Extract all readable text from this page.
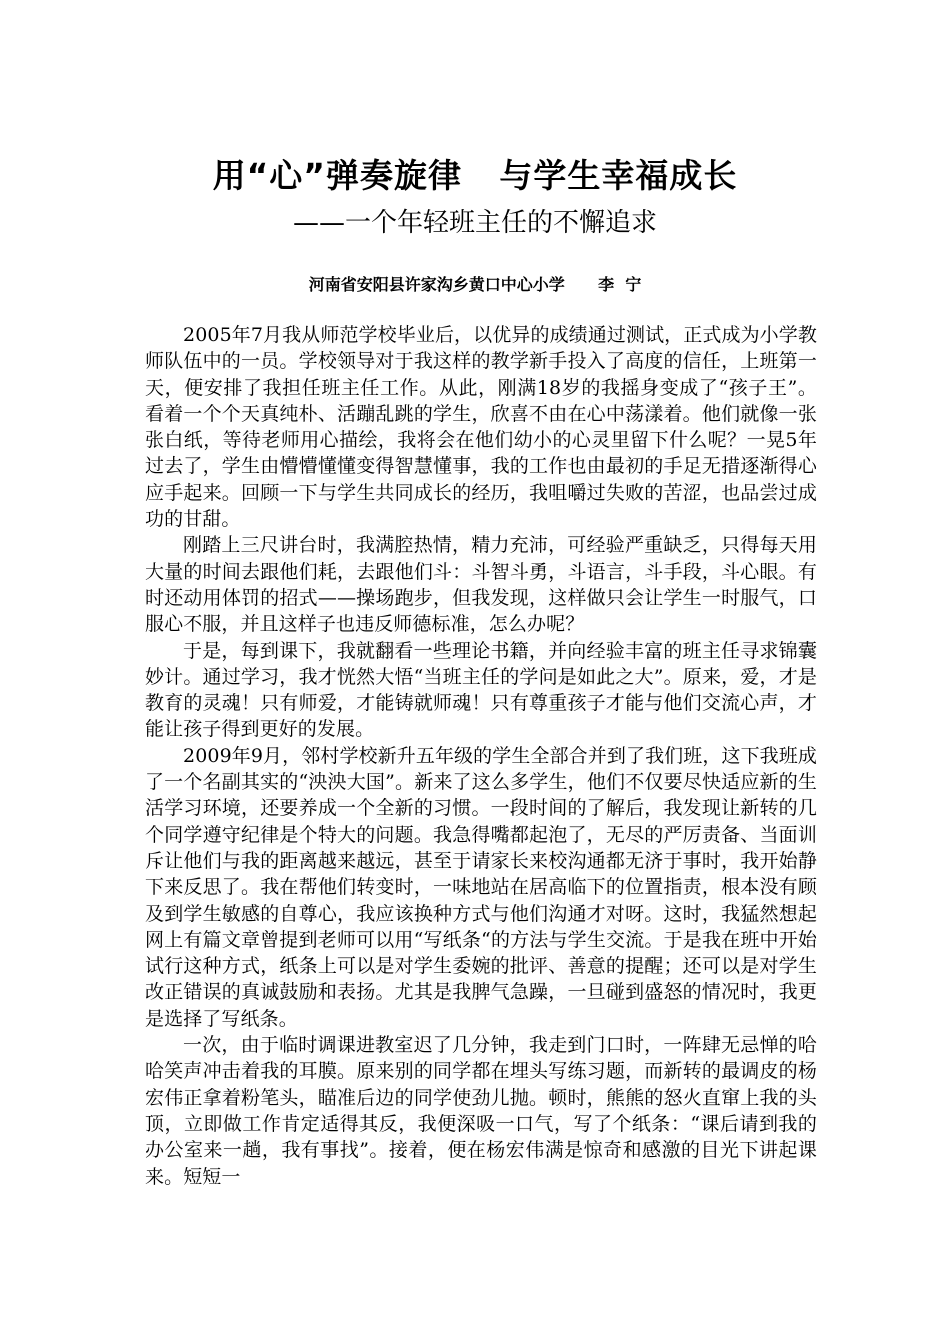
用“心”弹奏旋律   与学生幸福成长
——一个年轻班主任的不懈追求
河南省安阳县许家沟乡黄口中心小学      李  宁

2005年7月我从师范学校毕业后，以优异的成绩通过测试，正式成为小学教师队伍中的一员。学校领导对于我这样的教学新手投入了高度的信任，上班第一天，便安排了我担任班主任工作。从此，刚满18岁的我摇身变成了“孩子王”。看着一个个天真纯朴、活蹦乱跳的学生，欣喜不由在心中荡漾着。他们就像一张张白纸，等待老师用心描绘，我将会在他们幼小的心灵里留下什么呢？一晃5年过去了，学生由懵懵懂懂变得智慧懂事，我的工作也由最初的手足无措逐渐得心应手起来。回顾一下与学生共同成长的经历，我咀嚼过失败的苦涩，也品尝过成功的甘甜。

刚踏上三尺讲台时，我满腔热情，精力充沛，可经验严重缺乏，只得每天用大量的时间去跟他们耗，去跟他们斗：斗智斗勇，斗语言，斗手段，斗心眼。有时还动用体罚的招式——操场跑步，但我发现，这样做只会让学生一时服气，口服心不服，并且这样子也违反师德标准，怎么办呢？

于是，每到课下，我就翻看一些理论书籍，并向经验丰富的班主任寻求锦囊妙计。通过学习，我才恍然大悟“当班主任的学问是如此之大”。原来，爱，才是教育的灵魂！只有师爱，才能铸就师魂！只有尊重孩子才能与他们交流心声，才能让孩子得到更好的发展。

2009年9月，邻村学校新升五年级的学生全部合并到了我们班，这下我班成了一个名副其实的“泱泱大国”。新来了这么多学生，他们不仅要尽快适应新的生活学习环境，还要养成一个全新的习惯。一段时间的了解后，我发现让新转的几个同学遵守纪律是个特大的问题。我急得嘴都起泡了，无尽的严厉责备、当面训斥让他们与我的距离越来越远，甚至于请家长来校沟通都无济于事时，我开始静下来反思了。我在帮他们转变时，一味地站在居高临下的位置指责，根本没有顾及到学生敏感的自尊心，我应该换种方式与他们沟通才对呀。这时，我猛然想起网上有篇文章曾提到老师可以用“写纸条“的方法与学生交流。于是我在班中开始试行这种方式，纸条上可以是对学生委婉的批评、善意的提醒；还可以是对学生改正错误的真诚鼓励和表扬。尤其是我脾气急躁，一旦碰到盛怒的情况时，我更是选择了写纸条。

一次，由于临时调课进教室迟了几分钟，我走到门口时，一阵肆无忌惮的哈哈笑声冲击着我的耳膜。原来别的同学都在埋头写练习题，而新转的最调皮的杨宏伟正拿着粉笔头，瞄准后边的同学使劲儿抛。顿时，熊熊的怒火直窜上我的头顶，立即做工作肯定适得其反，我便深吸一口气，写了个纸条：“课后请到我的办公室来一趟，我有事找”。接着，便在杨宏伟满是惊奇和感激的目光下讲起课来。短短一
